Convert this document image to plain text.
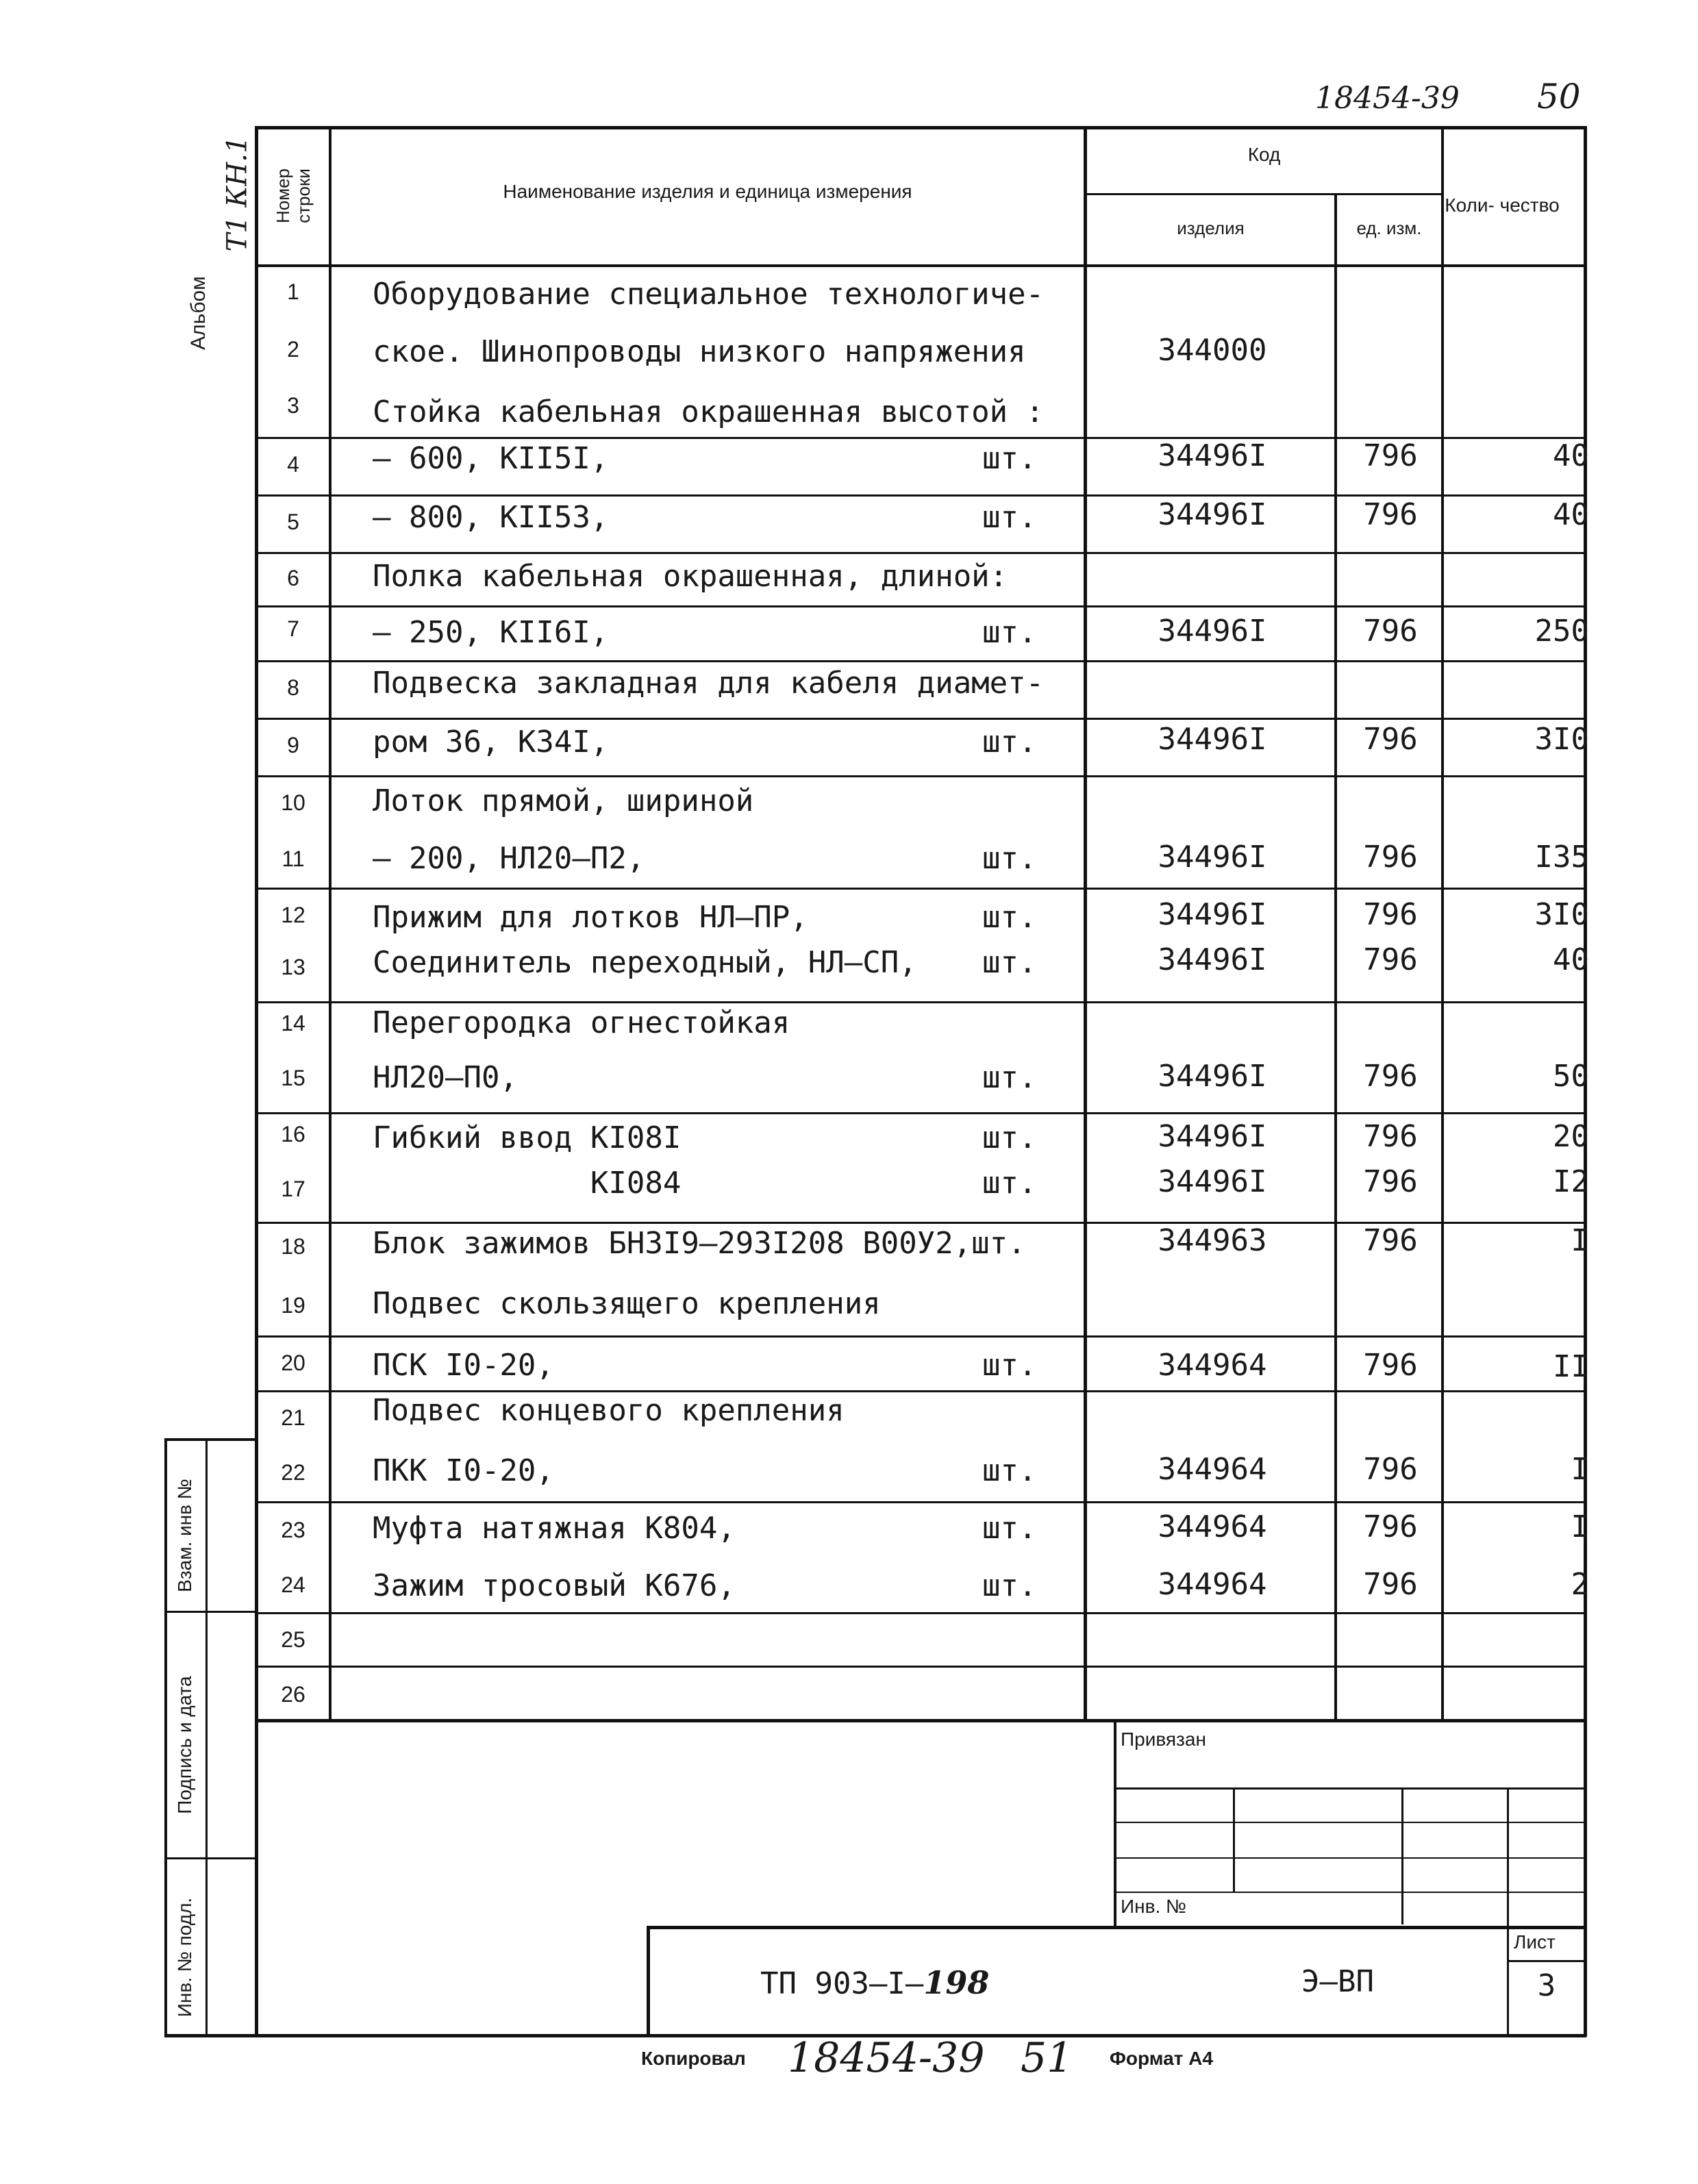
18454-39 50
Т1 КН.1
Альбом
Взам. инв №
Подпись и дата
Инв. № подл.
Номер строки	Наименование изделия и единица измерения
Код
изделия	ед. изм.
Коли- чество
1	Оборудование специальное технологиче-
2	ское. Шинопроводы низкого напряжения	344000
3	Стойка кабельная окрашенная высотой :
4	– 600, КII5I,	шт.	34496I	796	40
5	– 800, КII53,	шт.	34496I	796	40
6	Полка кабельная окрашенная, длиной:
7	– 250, КII6I,	шт.	34496I	796	250
8	Подвеска закладная для кабеля диамет-
9	ром 36, К34I,	шт.	34496I	796	3I0
10	Лоток прямой, шириной
11	– 200, НЛ20–П2,	шт.	34496I	796	I35
12	Прижим для лотков НЛ–ПР,	шт.	34496I	796	3I0
13	Соединитель переходный, НЛ–СП, шт.	34496I	796	40
14	Перегородка огнестойкая
15	НЛ20–П0,	шт.	34496I	796	50
16	Гибкий ввод КI08I	шт.	34496I	796	20
17	КI084	шт.	34496I	796	I2
18	Блок зажимов БН3I9–293I208 В00У2,шт.	344963	796	I
19	Подвес скользящего крепления
20	ПСК I0-20,	шт.	344964	796	II
21	Подвес концевого крепления
22	ПКК I0-20,	шт.	344964	796	I
23	Муфта натяжная К804,	шт.	344964	796	I
24	Зажим тросовый К676,	шт.	344964	796	2
25
26
Привязан
Инв. №
ТП 903–I–198	Э–ВП
Лист
3
Копировал 18454-39 51 Формат А4
